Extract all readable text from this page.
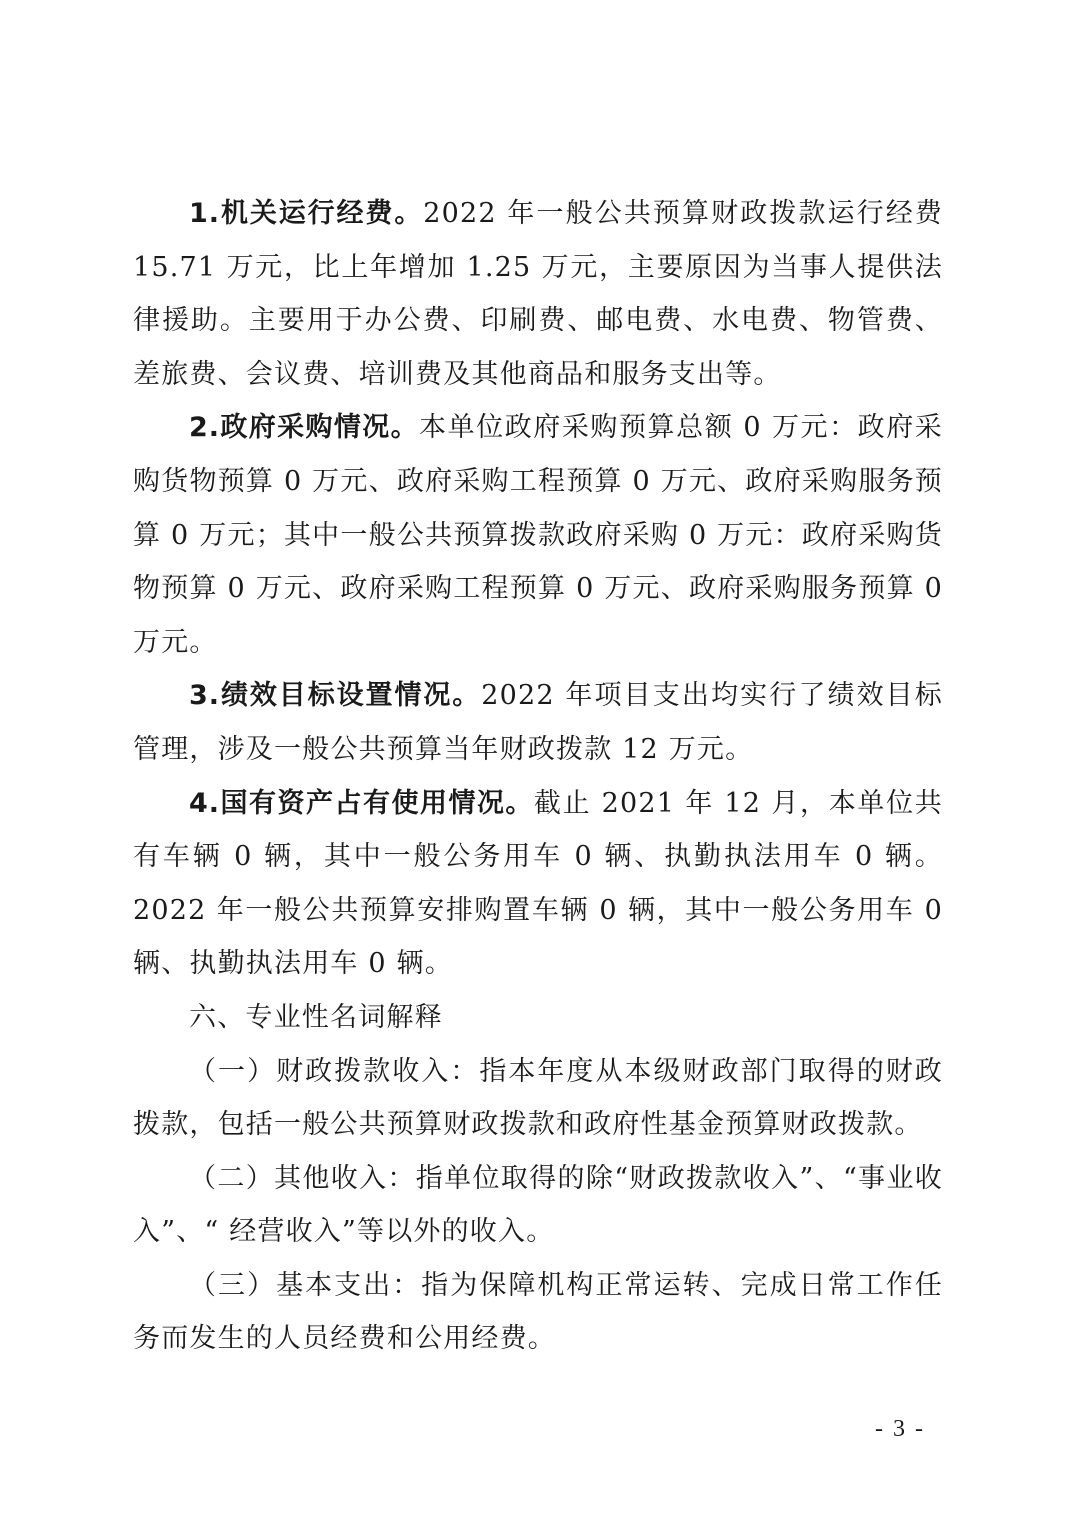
1.机关运行经费。2022 年一般公共预算财政拨款运行经费 15.71 万元，比上年增加 1.25 万元，主要原因为当事人提供法律援助。主要用于办公费、印刷费、邮电费、水电费、物管费、差旅费、会议费、培训费及其他商品和服务支出等。

2.政府采购情况。本单位政府采购预算总额 0 万元：政府采购货物预算 0 万元、政府采购工程预算 0 万元、政府采购服务预算 0 万元；其中一般公共预算拨款政府采购 0 万元：政府采购货物预算 0 万元、政府采购工程预算 0 万元、政府采购服务预算 0 万元。

3.绩效目标设置情况。2022 年项目支出均实行了绩效目标管理，涉及一般公共预算当年财政拨款 12 万元。

4.国有资产占有使用情况。截止 2021 年 12 月，本单位共有车辆 0 辆，其中一般公务用车 0 辆、执勤执法用车 0 辆。2022 年一般公共预算安排购置车辆 0 辆，其中一般公务用车 0 辆、执勤执法用车 0 辆。

六、专业性名词解释

（一）财政拨款收入：指本年度从本级财政部门取得的财政拨款，包括一般公共预算财政拨款和政府性基金预算财政拨款。

（二）其他收入：指单位取得的除“财政拨款收入”、“事业收入”、“ 经营收入”等以外的收入。

（三）基本支出：指为保障机构正常运转、完成日常工作任务而发生的人员经费和公用经费。

- 3 -
